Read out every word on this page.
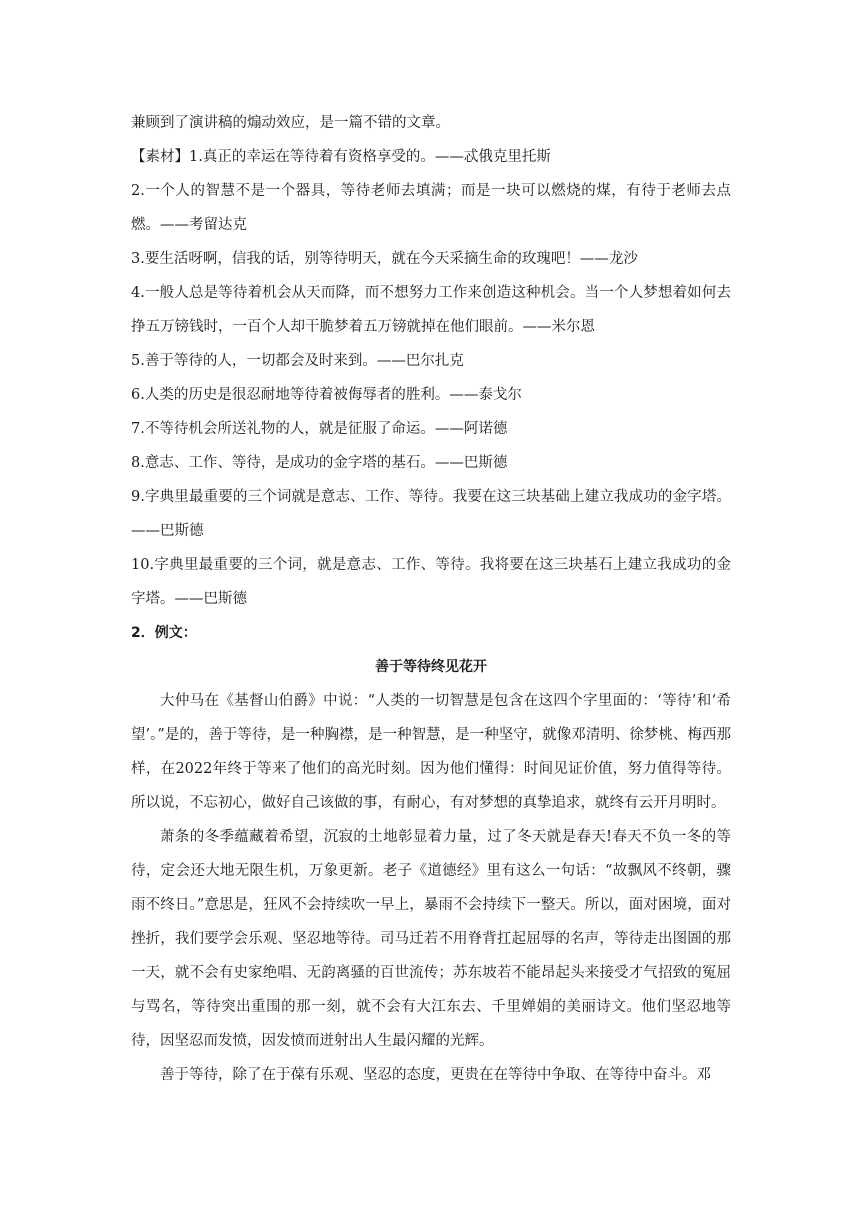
兼顾到了演讲稿的煽动效应，是一篇不错的文章。

【素材】1.真正的幸运在等待着有资格享受的。——忒俄克里托斯

2.一个人的智慧不是一个器具，等待老师去填满；而是一块可以燃烧的煤，有待于老师去点燃。——考留达克

3.要生活呀啊，信我的话，别等待明天，就在今天采摘生命的玫瑰吧！——龙沙

4.一般人总是等待着机会从天而降，而不想努力工作来创造这种机会。当一个人梦想着如何去挣五万镑钱时，一百个人却干脆梦着五万镑就掉在他们眼前。——米尔恩

5.善于等待的人，一切都会及时来到。——巴尔扎克

6.人类的历史是很忍耐地等待着被侮辱者的胜利。——泰戈尔

7.不等待机会所送礼物的人，就是征服了命运。——阿诺德

8.意志、工作、等待，是成功的金字塔的基石。——巴斯德

9.字典里最重要的三个词就是意志、工作、等待。我要在这三块基础上建立我成功的金字塔。——巴斯德

10.字典里最重要的三个词，就是意志、工作、等待。我将要在这三块基石上建立我成功的金字塔。——巴斯德

2．例文：

善于等待终见花开

大仲马在《基督山伯爵》中说：“人类的一切智慧是包含在这四个字里面的：‘等待’和‘希望’。”是的，善于等待，是一种胸襟，是一种智慧，是一种坚守，就像邓清明、徐梦桃、梅西那样，在2022年终于等来了他们的高光时刻。因为他们懂得：时间见证价值，努力值得等待。所以说，不忘初心，做好自己该做的事，有耐心，有对梦想的真挚追求，就终有云开月明时。

萧条的冬季蕴藏着希望，沉寂的土地彰显着力量，过了冬天就是春天!春天不负一冬的等待，定会还大地无限生机，万象更新。老子《道德经》里有这么一句话：“故飘风不终朝，骤雨不终日。”意思是，狂风不会持续吹一早上，暴雨不会持续下一整天。所以，面对困境，面对挫折，我们要学会乐观、坚忍地等待。司马迁若不用脊背扛起屈辱的名声，等待走出图圄的那一天，就不会有史家绝唱、无韵离骚的百世流传；苏东坡若不能昂起头来接受才气招致的冤屈与骂名，等待突出重围的那一刻，就不会有大江东去、千里婵娟的美丽诗文。他们坚忍地等待，因坚忍而发愤，因发愤而迸射出人生最闪耀的光辉。

善于等待，除了在于葆有乐观、坚忍的态度，更贵在在等待中争取、在等待中奋斗。邓
